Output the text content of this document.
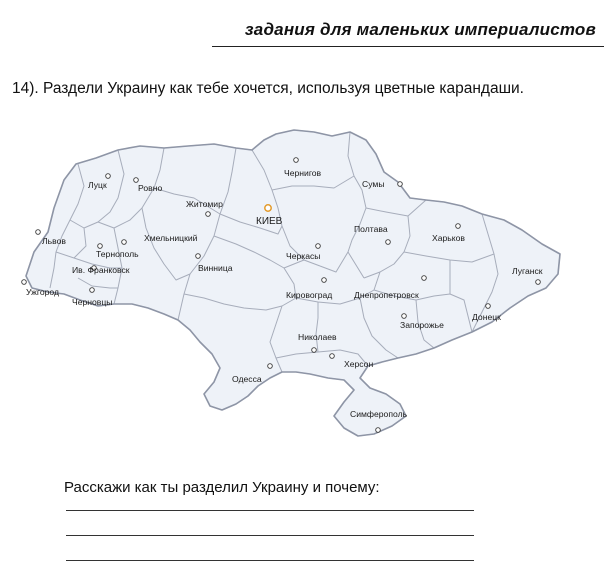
задания для маленьких империалистов
14). Раздели Украину как тебе хочется, используя цветные карандаши.
КИЕВ
Чернигов
Сумы
Луцк	Ровно
Житомир
Львов
Тернополь
Хмельницкий
Полтава
Харьков
Ив. Франковск
Черкасы
Винница	Луганск
Ужгород
Черновцы
Кировоград	Днепропетровск
Донецк
Запорожье
Николаев
Херсон
Одесса
Симферополь
Расскажи как ты разделил Украину и почему:
